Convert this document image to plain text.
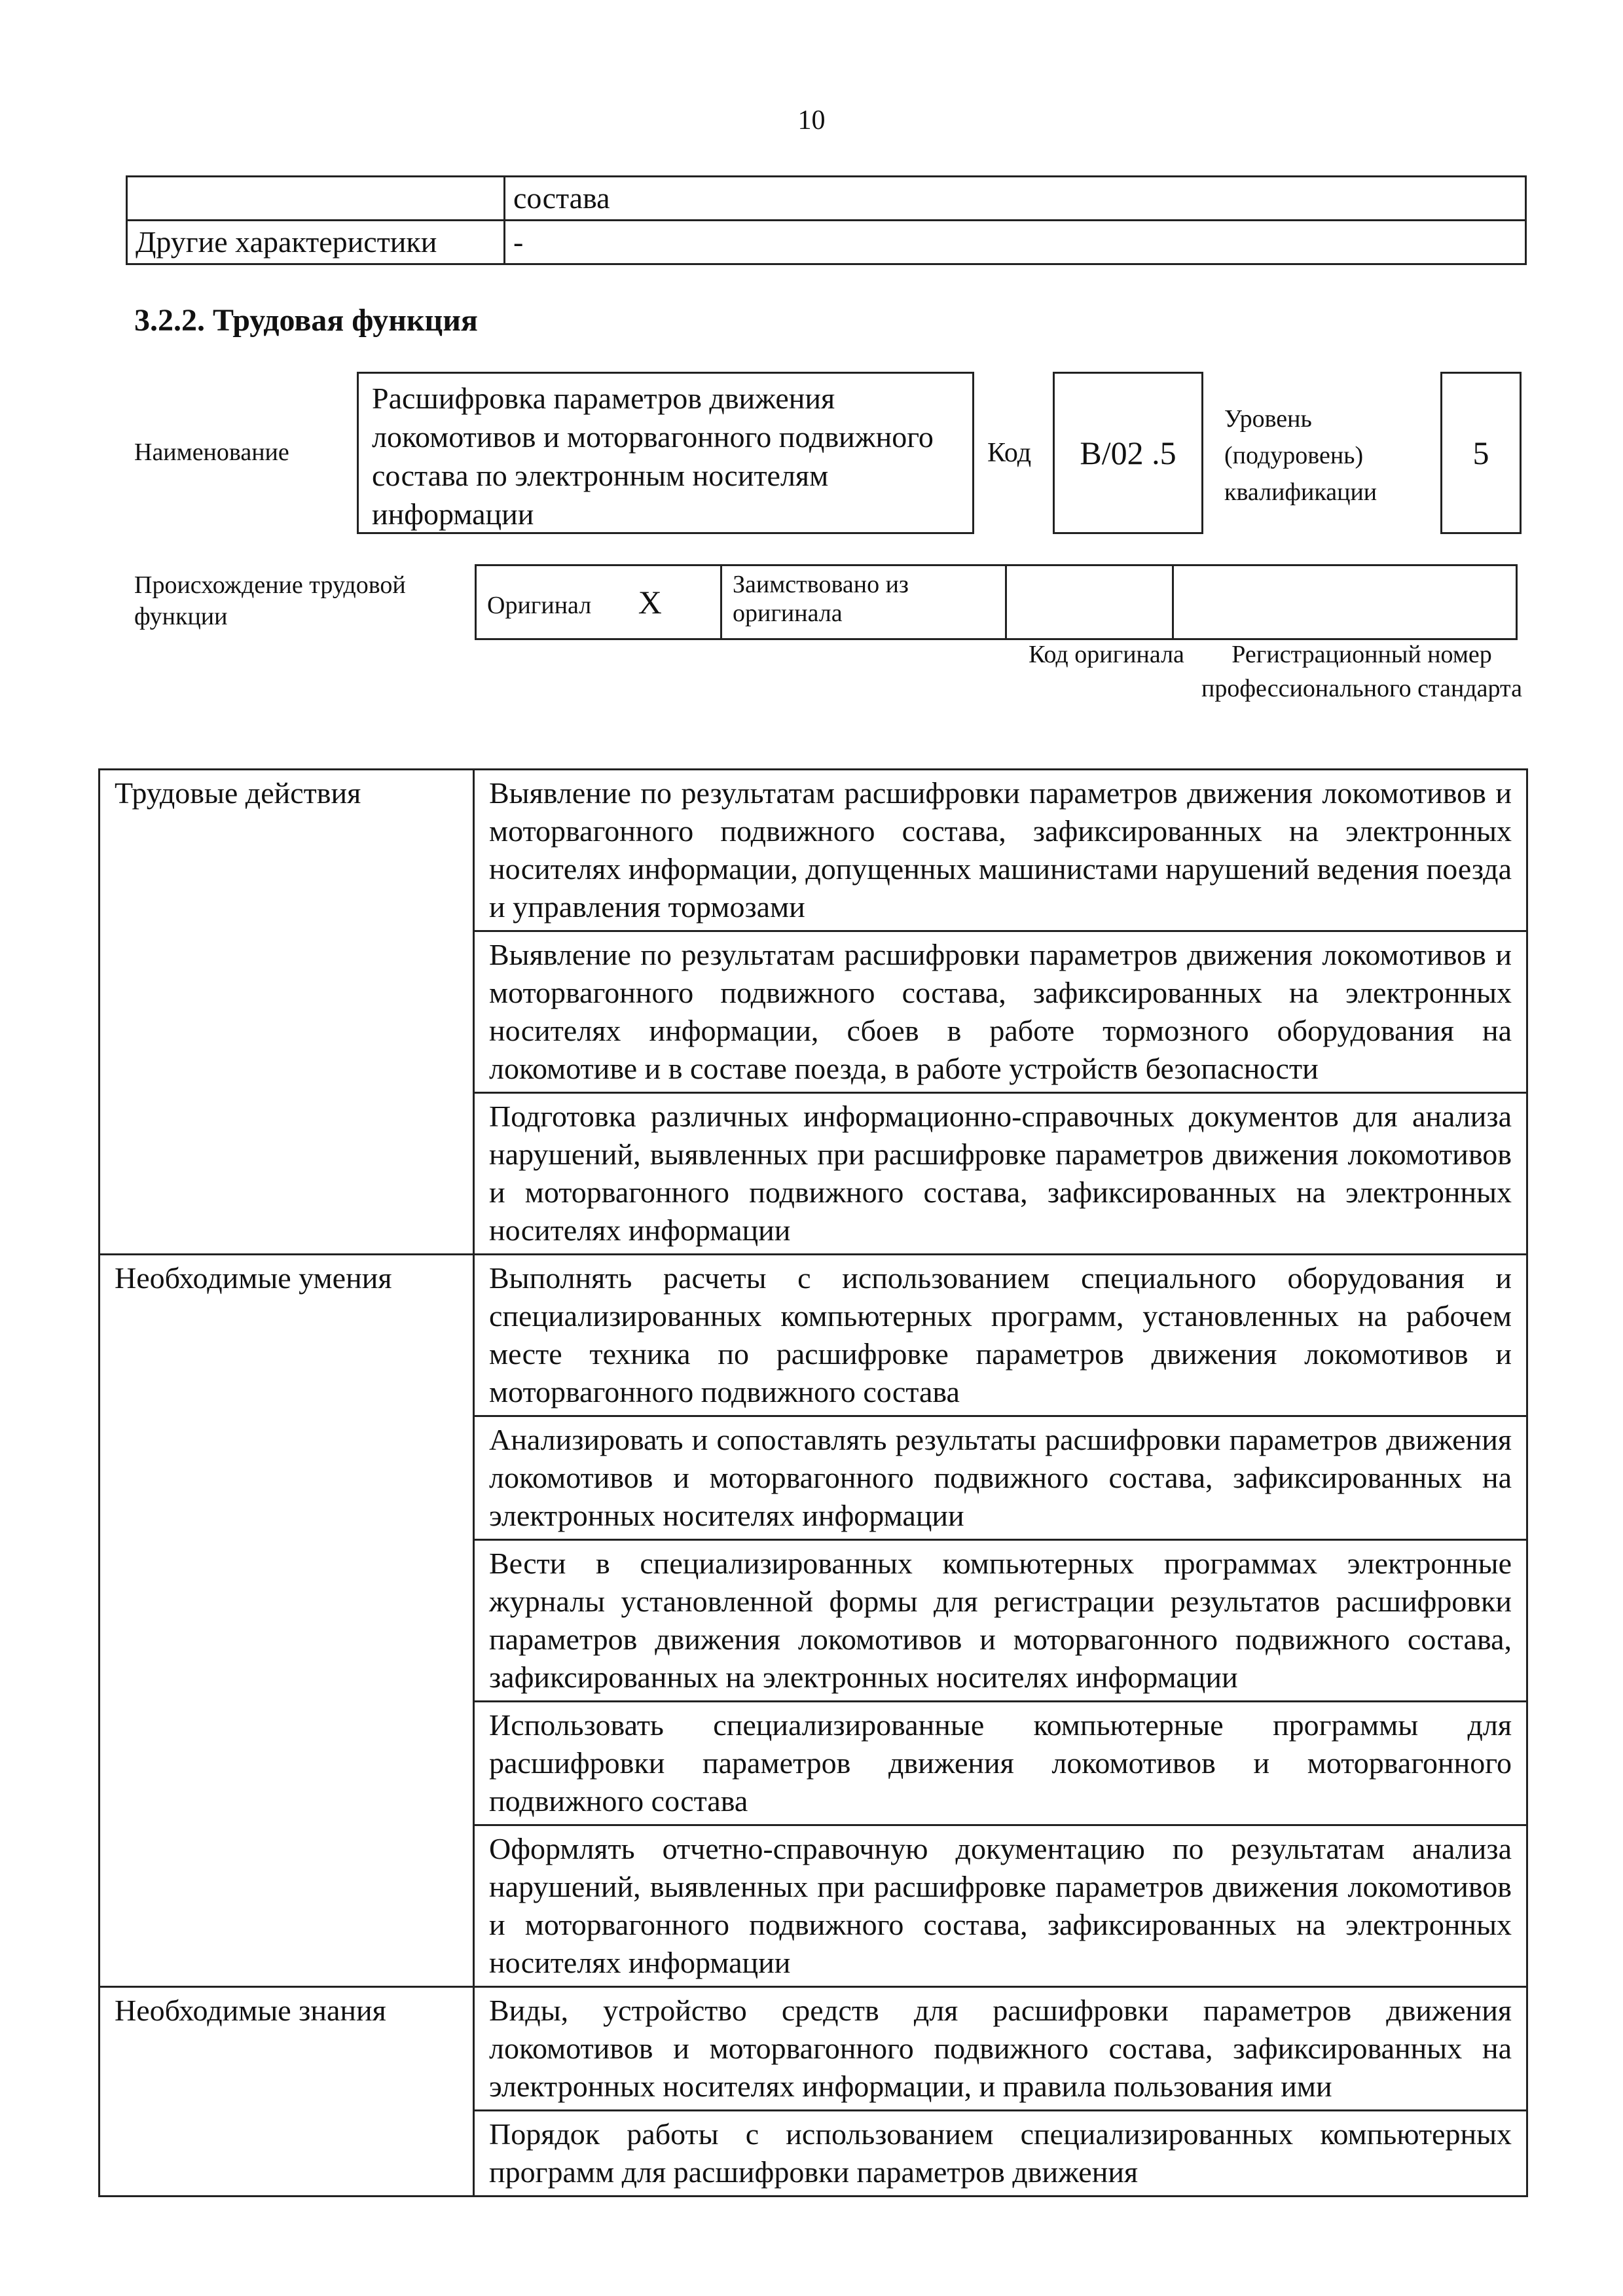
10
	состава
Другие характеристики	-
3.2.2. Трудовая функция
Наименование
Расшифровка параметров движения локомотивов и моторвагонного подвижного состава по электронным носителям информации
Код B/02 .5
Уровень (подуровень) квалификации
5
Происхождение трудовой функции	Оригинал X	Заимствовано из оригинала		
Код оригинала	Регистрационный номер профессионального стандарта
Трудовые действия	Выявление по результатам расшифровки параметров движения локомотивов и моторвагонного подвижного состава, зафиксированных на электронных носителях информации, допущенных машинистами нарушений ведения поезда и управления тормозами
	Выявление по результатам расшифровки параметров движения локомотивов и моторвагонного подвижного состава, зафиксированных на электронных носителях информации, сбоев в работе тормозного оборудования на локомотиве и в составе поезда, в работе устройств безопасности
	Подготовка различных информационно-справочных документов для анализа нарушений, выявленных при расшифровке параметров движения локомотивов и моторвагонного подвижного состава, зафиксированных на электронных носителях информации
Необходимые умения	Выполнять расчеты с использованием специального оборудования и специализированных компьютерных программ, установленных на рабочем месте техника по расшифровке параметров движения локомотивов и моторвагонного подвижного состава
	Анализировать и сопоставлять результаты расшифровки параметров движения локомотивов и моторвагонного подвижного состава, зафиксированных на электронных носителях информации
	Вести в специализированных компьютерных программах электронные журналы установленной формы для регистрации результатов расшифровки параметров движения локомотивов и моторвагонного подвижного состава, зафиксированных на электронных носителях информации
	Использовать специализированные компьютерные программы для расшифровки параметров движения локомотивов и моторвагонного подвижного состава
	Оформлять отчетно-справочную документацию по результатам анализа нарушений, выявленных при расшифровке параметров движения локомотивов и моторвагонного подвижного состава, зафиксированных на электронных носителях информации
Необходимые знания	Виды, устройство средств для расшифровки параметров движения локомотивов и моторвагонного подвижного состава, зафиксированных на электронных носителях информации, и правила пользования ими
	Порядок работы с использованием специализированных компьютерных программ для расшифровки параметров движения
